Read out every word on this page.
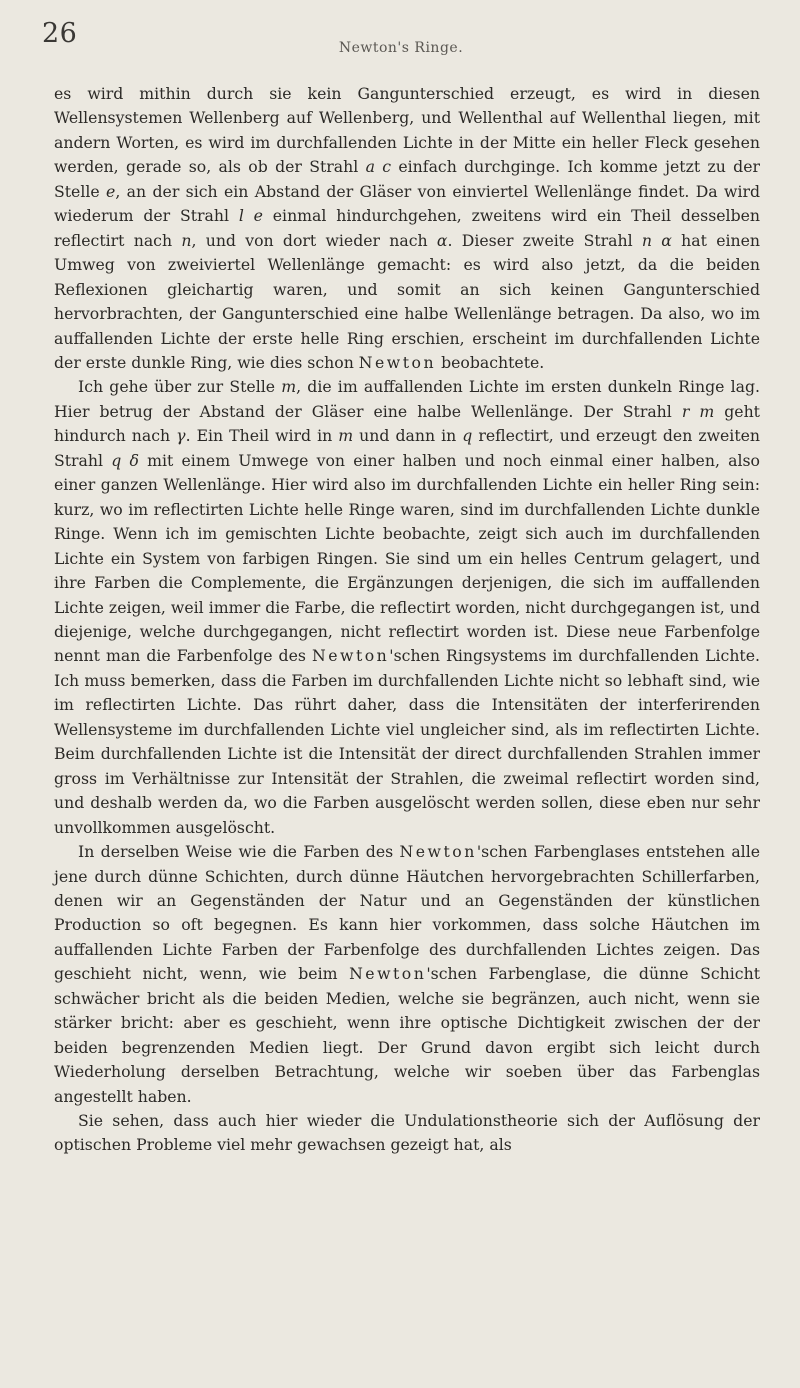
26	Newton's Ringe.

es wird mithin durch sie kein Gangunterschied erzeugt, es wird in diesen Wellensystemen Wellenberg auf Wellenberg, und Wellenthal auf Wellenthal liegen, mit andern Worten, es wird im durchfallenden Lichte in der Mitte ein heller Fleck gesehen werden, gerade so, als ob der Strahl a c einfach durchginge. Ich komme jetzt zu der Stelle e, an der sich ein Abstand der Gläser von einviertel Wellenlänge findet. Da wird wiederum der Strahl l e einmal hindurchgehen, zweitens wird ein Theil desselben reflectirt nach n, und von dort wieder nach α. Dieser zweite Strahl n α hat einen Umweg von zweiviertel Wellenlänge gemacht: es wird also jetzt, da die beiden Reflexionen gleichartig waren, und somit an sich keinen Gangunterschied hervorbrachten, der Gangunterschied eine halbe Wellenlänge betragen. Da also, wo im auffallenden Lichte der erste helle Ring erschien, erscheint im durchfallenden Lichte der erste dunkle Ring, wie dies schon Newton beobachtete.

Ich gehe über zur Stelle m, die im auffallenden Lichte im ersten dunkeln Ringe lag. Hier betrug der Abstand der Gläser eine halbe Wellenlänge. Der Strahl r m geht hindurch nach γ. Ein Theil wird in m und dann in q reflectirt, und erzeugt den zweiten Strahl q δ mit einem Umwege von einer halben und noch einmal einer halben, also einer ganzen Wellenlänge. Hier wird also im durchfallenden Lichte ein heller Ring sein: kurz, wo im reflectirten Lichte helle Ringe waren, sind im durchfallenden Lichte dunkle Ringe. Wenn ich im gemischten Lichte beobachte, zeigt sich auch im durchfallenden Lichte ein System von farbigen Ringen. Sie sind um ein helles Centrum gelagert, und ihre Farben die Complemente, die Ergänzungen derjenigen, die sich im auffallenden Lichte zeigen, weil immer die Farbe, die reflectirt worden, nicht durchgegangen ist, und diejenige, welche durchgegangen, nicht reflectirt worden ist. Diese neue Farbenfolge nennt man die Farbenfolge des Newton'schen Ringsystems im durchfallenden Lichte. Ich muss bemerken, dass die Farben im durchfallenden Lichte nicht so lebhaft sind, wie im reflectirten Lichte. Das rührt daher, dass die Intensitäten der interferirenden Wellensysteme im durchfallenden Lichte viel ungleicher sind, als im reflectirten Lichte. Beim durchfallenden Lichte ist die Intensität der direct durchfallenden Strahlen immer gross im Verhältnisse zur Intensität der Strahlen, die zweimal reflectirt worden sind, und deshalb werden da, wo die Farben ausgelöscht werden sollen, diese eben nur sehr unvollkommen ausgelöscht.

In derselben Weise wie die Farben des Newton'schen Farbenglases entstehen alle jene durch dünne Schichten, durch dünne Häutchen hervorgebrachten Schillerfarben, denen wir an Gegenständen der Natur und an Gegenständen der künstlichen Production so oft begegnen. Es kann hier vorkommen, dass solche Häutchen im auffallenden Lichte Farben der Farbenfolge des durchfallenden Lichtes zeigen. Das geschieht nicht, wenn, wie beim Newton'schen Farbenglase, die dünne Schicht schwächer bricht als die beiden Medien, welche sie begränzen, auch nicht, wenn sie stärker bricht: aber es geschieht, wenn ihre optische Dichtigkeit zwischen der der beiden begrenzenden Medien liegt. Der Grund davon ergibt sich leicht durch Wiederholung derselben Betrachtung, welche wir soeben über das Farbenglas angestellt haben.

Sie sehen, dass auch hier wieder die Undulationstheorie sich der Auflösung der optischen Probleme viel mehr gewachsen gezeigt hat, als
